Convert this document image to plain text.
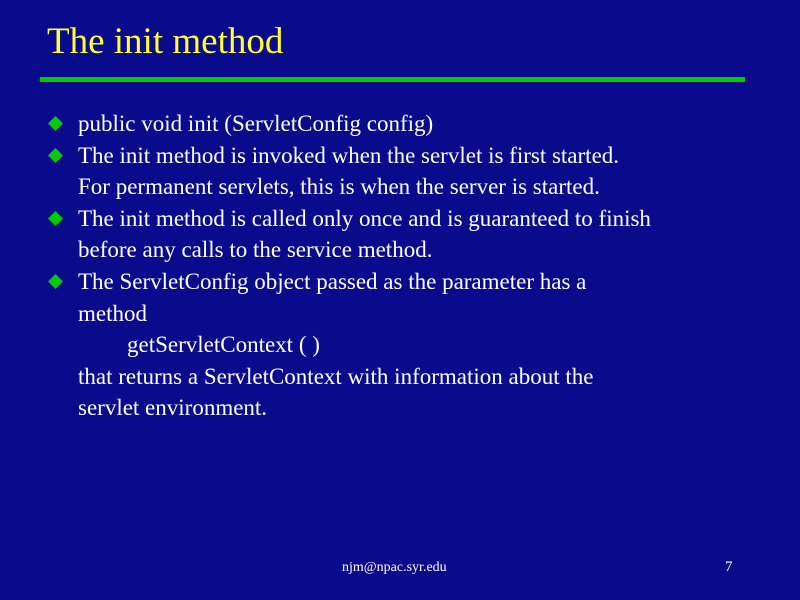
The init method
public void init (ServletConfig config)
The init method is invoked when the servlet is first started.
For permanent servlets, this is when the server is started.
The init method is called only once and is guaranteed to finish
before any calls to the service method.
The ServletConfig object passed as the parameter has a
method
getServletContext ( )
that returns a ServletContext with information about the
servlet environment.
njm@npac.syr.edu	7
